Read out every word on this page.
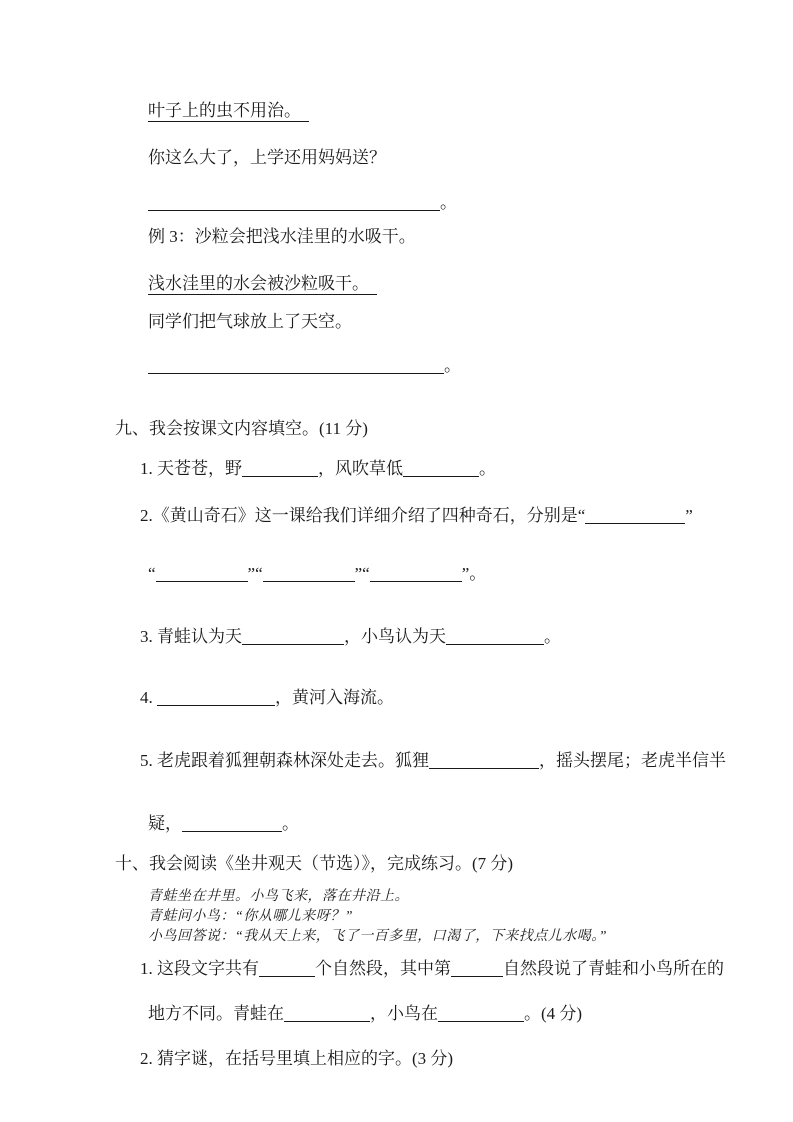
叶子上的虫不用治。
你这么大了，上学还用妈妈送？
。
例 3：沙粒会把浅水洼里的水吸干。
浅水洼里的水会被沙粒吸干。
同学们把气球放上了天空。
。
九、我会按课文内容填空。(11 分)
1. 天苍苍，野	，风吹草低	。
2.《黄山奇石》这一课给我们详细介绍了四种奇石，分别是“	”
“	”“	”“	”。
3. 青蛙认为天	，小鸟认为天	。
4.	，黄河入海流。
5. 老虎跟着狐狸朝森林深处走去。狐狸	，摇头摆尾；老虎半信半
疑，	。
十、我会阅读《坐井观天（节选）》，完成练习。(7 分)
青蛙坐在井里。小鸟飞来，落在井沿上。
青蛙问小鸟：“你从哪儿来呀？”
小鸟回答说：“我从天上来，飞了一百多里，口渴了，下来找点儿水喝。”
1. 这段文字共有	个自然段，其中第	自然段说了青蛙和小鸟所在的
地方不同。青蛙在	，小鸟在	。(4 分)
2. 猜字谜，在括号里填上相应的字。(3 分)
